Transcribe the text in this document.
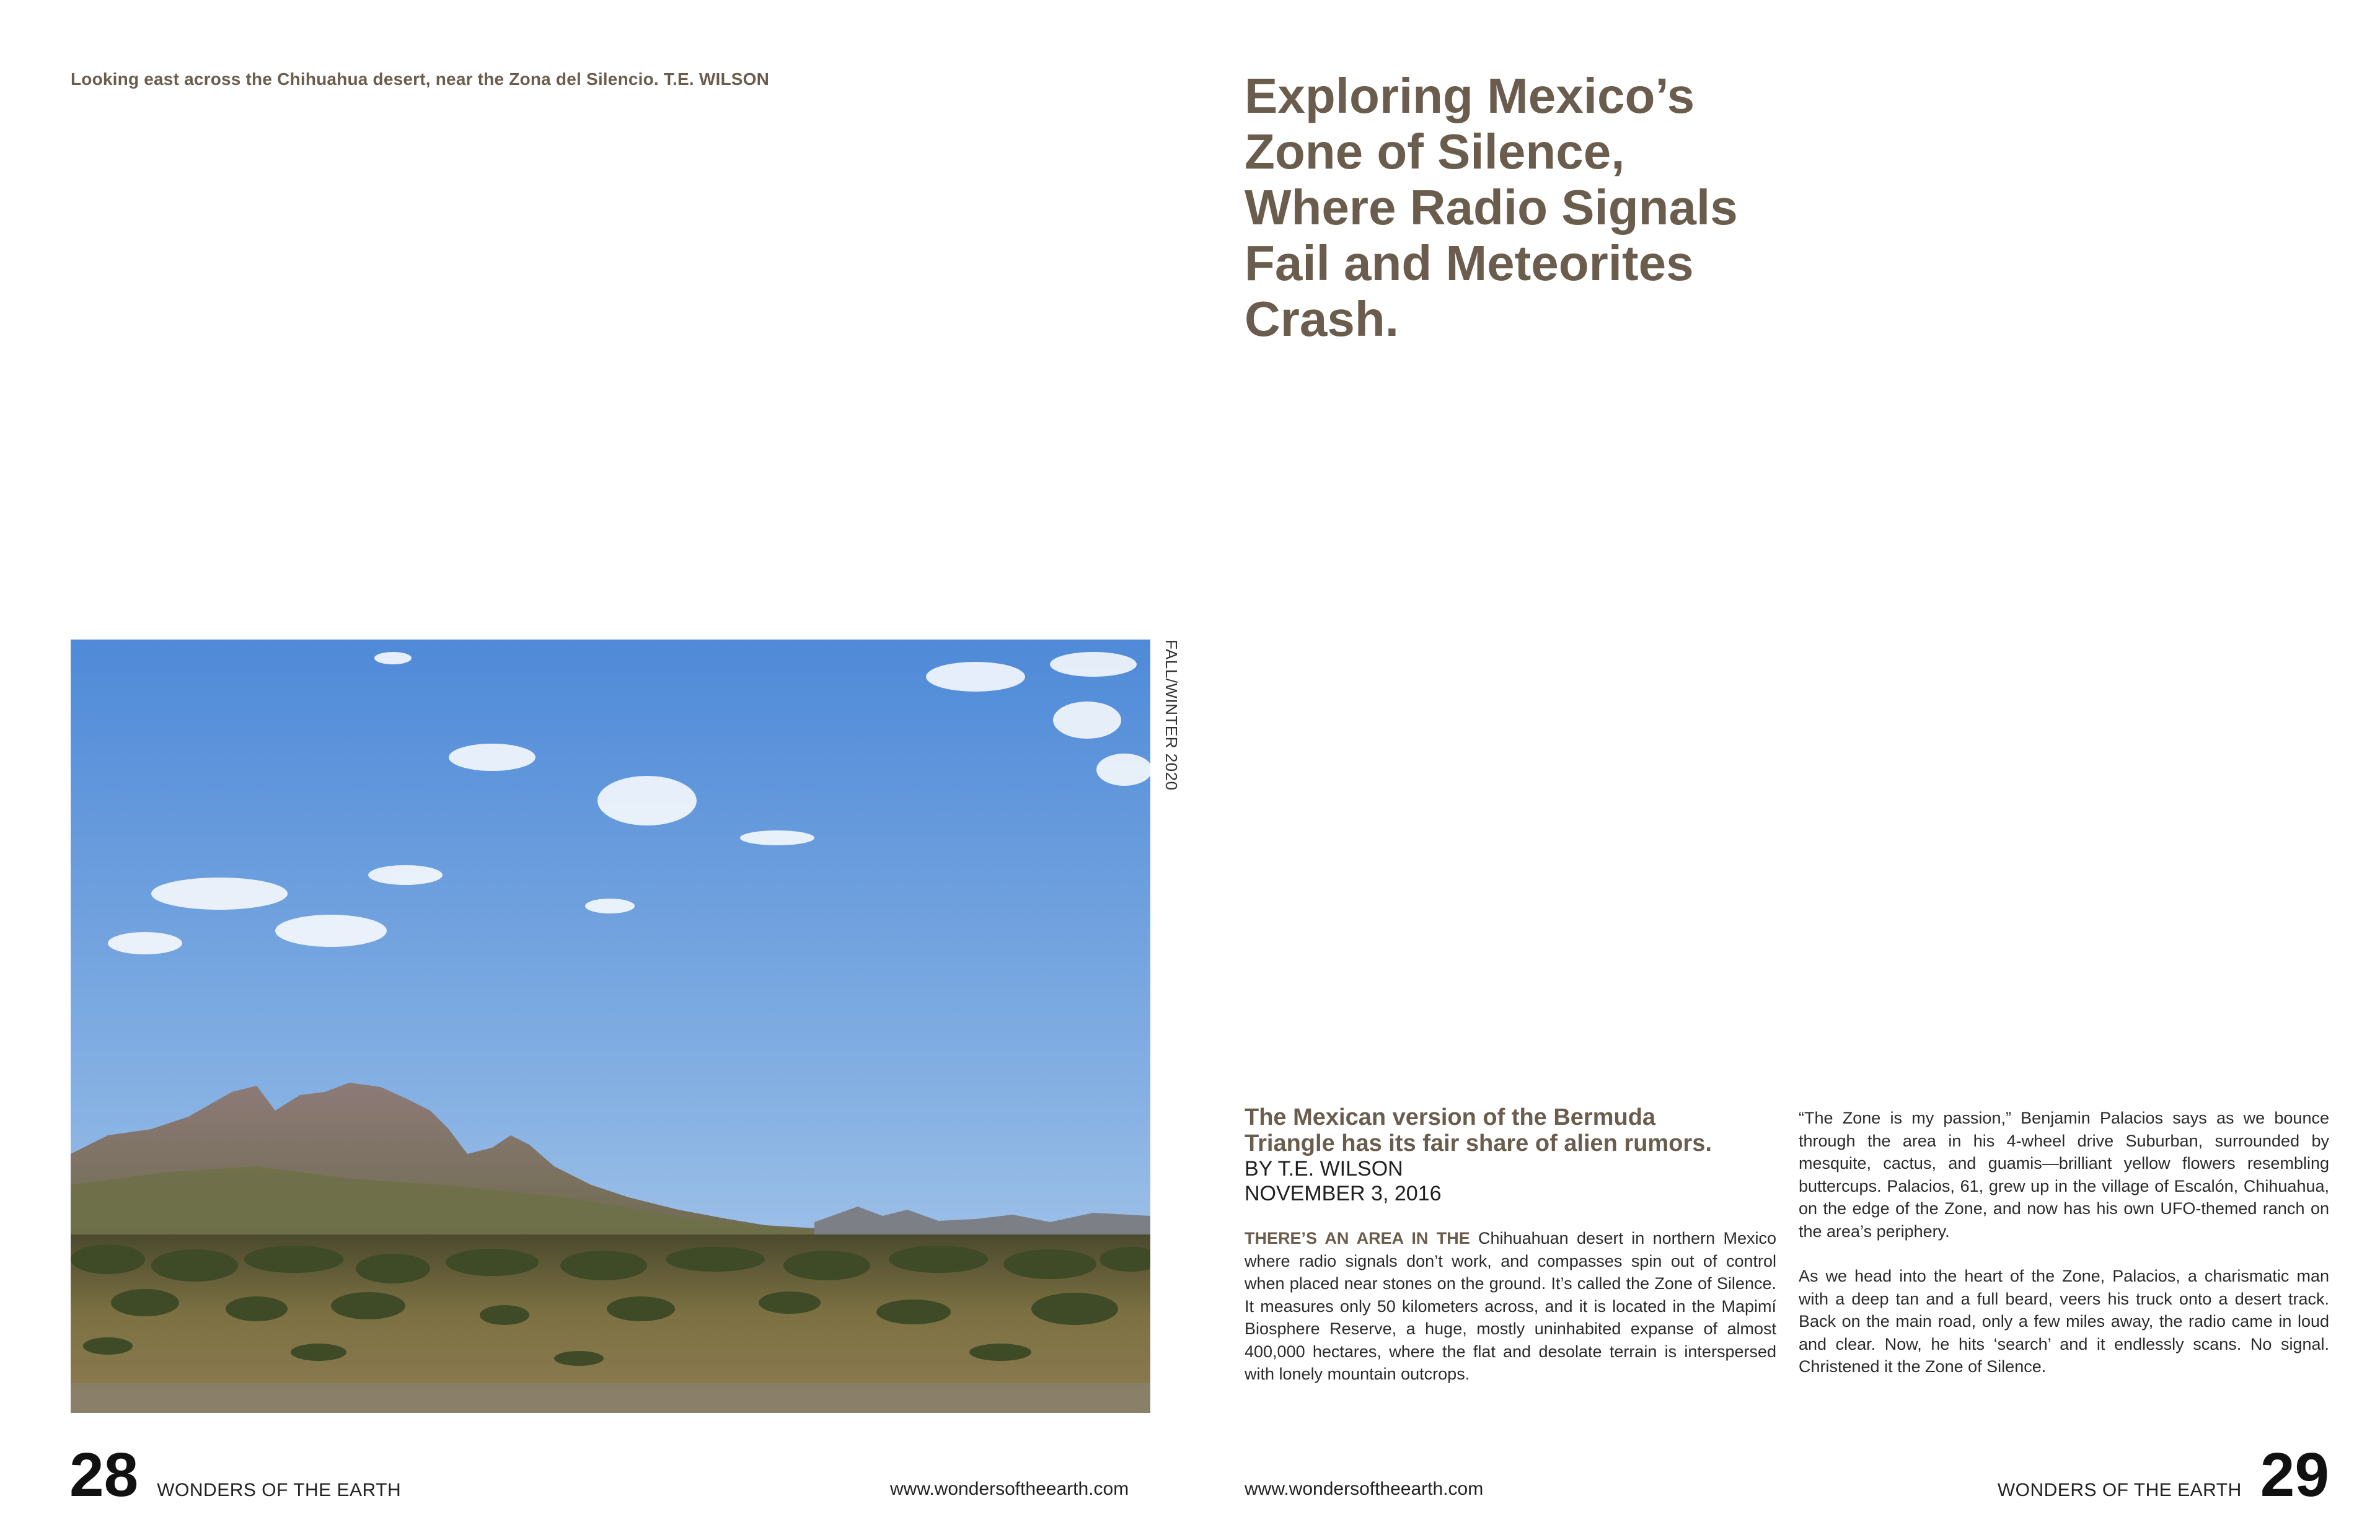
Looking east across the Chihuahua desert, near the Zona del Silencio. T.E. WILSON	Exploring Mexico’s
Zone of Silence,
Where Radio Signals
Fail and Meteorites
Crash.
FALL/WINTER 2020

The Mexican version of the Bermuda
Triangle has its fair share of alien rumors.

BY T.E. WILSON

NOVEMBER 3, 2016

THERE’S AN AREA IN THE Chihuahuan desert in northern Mexico where radio signals don’t work, and compasses spin out of control when placed near stones on the ground. It’s called the Zone of Silence. It measures only 50 kilometers across, and it is located in the Mapimí Biosphere Reserve, a huge, mostly uninhabited expanse of almost 400,000 hectares, where the flat and desolate terrain is interspersed with lonely mountain outcrops.

“The Zone is my passion,” Benjamin Palacios says as we bounce through the area in his 4-wheel drive Suburban, surrounded by mesquite, cactus, and guamis—brilliant yellow flowers resembling buttercups. Palacios, 61, grew up in the village of Escalón, Chihuahua, on the edge of the Zone, and now has his own UFO-themed ranch on the area’s periphery.

As we head into the heart of the Zone, Palacios, a charismatic man with a deep tan and a full beard, veers his truck onto a desert track. Back on the main road, only a few miles away, the radio came in loud and clear. Now, he hits ‘search’ and it endlessly scans. No signal. Christened it the Zone of Silence.

28 WONDERS OF THE EARTH	www.wondersoftheearth.com	www.wondersoftheearth.com	WONDERS OF THE EARTH 29
